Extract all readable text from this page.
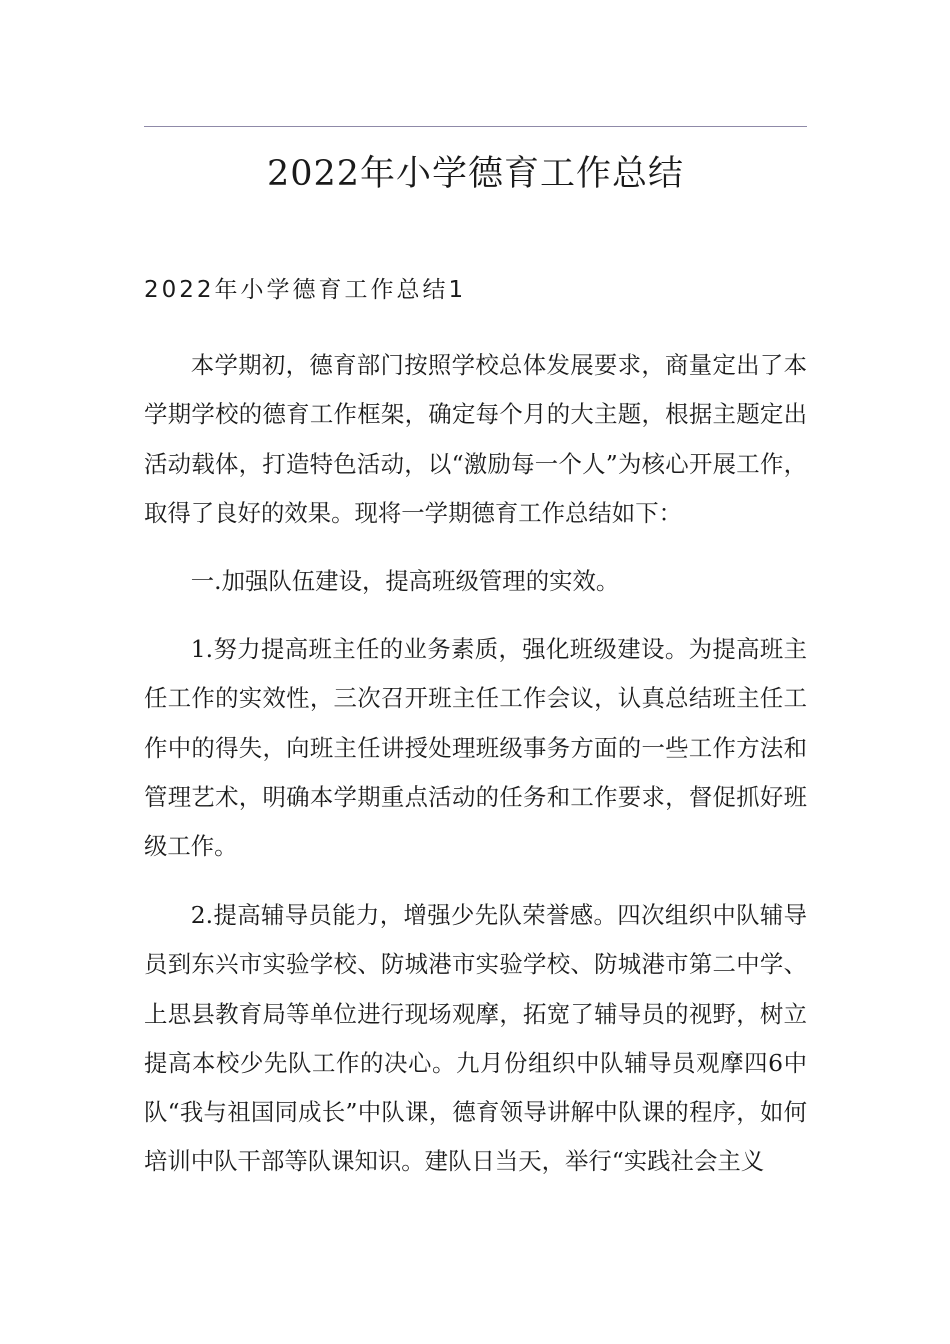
2022年小学德育工作总结
2022年小学德育工作总结1

本学期初，德育部门按照学校总体发展要求，商量定出了本学期学校的德育工作框架，确定每个月的大主题，根据主题定出活动载体，打造特色活动，以“激励每一个人”为核心开展工作，取得了良好的效果。现将一学期德育工作总结如下：

一.加强队伍建设，提高班级管理的实效。

1.努力提高班主任的业务素质，强化班级建设。为提高班主任工作的实效性，三次召开班主任工作会议，认真总结班主任工作中的得失，向班主任讲授处理班级事务方面的一些工作方法和管理艺术，明确本学期重点活动的任务和工作要求，督促抓好班级工作。

2.提高辅导员能力，增强少先队荣誉感。四次组织中队辅导员到东兴市实验学校、防城港市实验学校、防城港市第二中学、上思县教育局等单位进行现场观摩，拓宽了辅导员的视野，树立提高本校少先队工作的决心。九月份组织中队辅导员观摩四6中队“我与祖国同成长”中队课，德育领导讲解中队课的程序，如何培训中队干部等队课知识。建队日当天，举行“实践社会主义
